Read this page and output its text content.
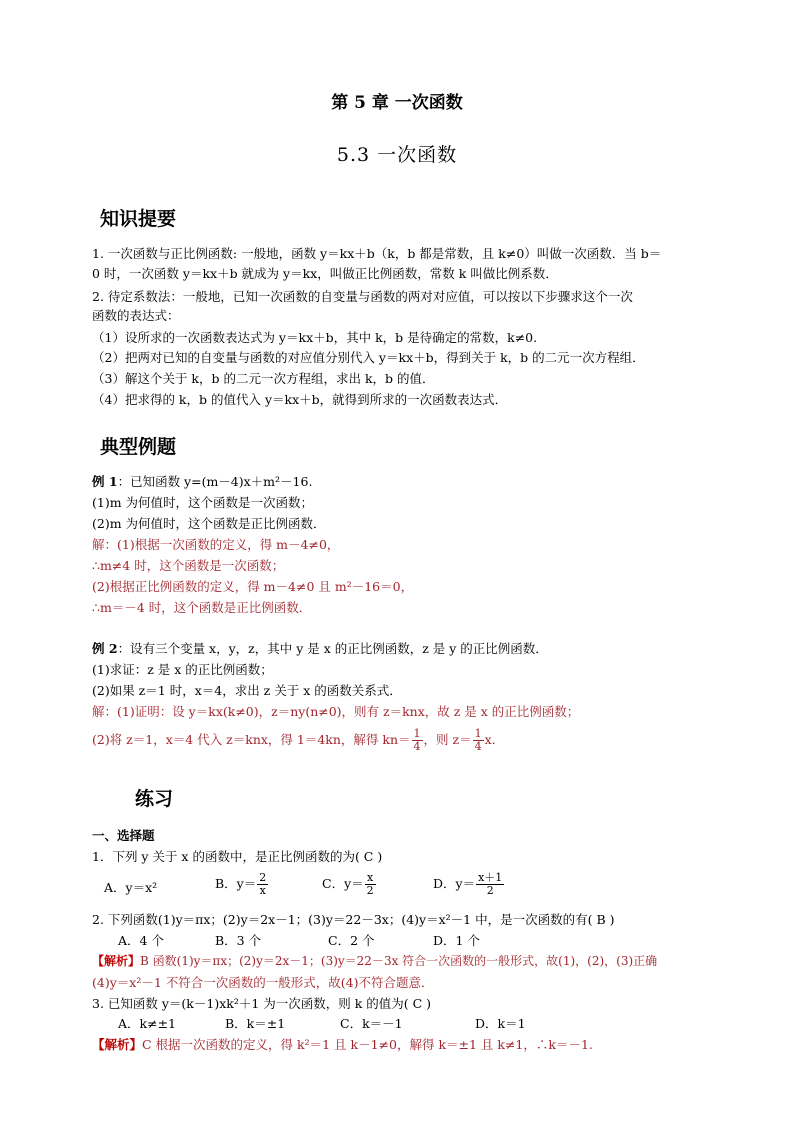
第 5 章 一次函数
5.3 一次函数
知识提要
1. 一次函数与正比例函数: 一般地，函数 y＝kx＋b（k，b 都是常数，且 k≠0）叫做一次函数．当 b＝
0 时，一次函数 y＝kx＋b 就成为 y＝kx，叫做正比例函数，常数 k 叫做比例系数．
2. 待定系数法：一般地，已知一次函数的自变量与函数的两对对应值，可以按以下步骤求这个一次
函数的表达式：
（1）设所求的一次函数表达式为 y＝kx＋b，其中 k，b 是待确定的常数，k≠0.
（2）把两对已知的自变量与函数的对应值分别代入 y＝kx＋b，得到关于 k，b 的二元一次方程组．
（3）解这个关于 k，b 的二元一次方程组，求出 k，b 的值．
（4）把求得的 k，b 的值代入 y＝kx＋b，就得到所求的一次函数表达式．
典型例题
例 1：已知函数 y=(m－4)x＋m²－16.
(1)m 为何值时，这个函数是一次函数；
(2)m 为何值时，这个函数是正比例函数．
解：(1)根据一次函数的定义，得 m－4≠0，
∴m≠4 时，这个函数是一次函数；
(2)根据正比例函数的定义，得 m－4≠0 且 m²－16＝0，
∴m＝－4 时，这个函数是正比例函数．
例 2：设有三个变量 x，y，z，其中 y 是 x 的正比例函数，z 是 y 的正比例函数．
(1)求证：z 是 x 的正比例函数；
(2)如果 z＝1 时，x＝4，求出 z 关于 x 的函数关系式．
解：(1)证明：设 y＝kx(k≠0)，z＝ny(n≠0)，则有 z＝knx，故 z 是 x 的正比例函数；
(2)将 z＝1，x＝4 代入 z＝knx，得 1＝4kn，解得 $kn= \frac{1}{4}$ ，则 $z= \frac{1}{4} x$.
练习
一、选择题
1．下列 y 关于 x 的函数中，是正比例函数的为( C )
A．y＝x²	B．$y= \frac{2}{x}$	C．$y= \frac{x}{2}$	D．$y= \frac{x+1}{2}$
2. 下列函数(1)y＝πx；(2)y＝2x－1；(3)y＝22－3x；(4)y＝x²－1 中，是一次函数的有( B )
A．4 个	B．3 个	C．2 个	D．1 个
【解析】B 函数(1)y＝πx；(2)y＝2x－1；(3)y＝22－3x 符合一次函数的一般形式，故(1)，(2)，(3)正确
(4)y＝x²－1 不符合一次函数的一般形式，故(4)不符合题意．
3. 已知函数 y＝(k－1)xk²＋1 为一次函数，则 k 的值为( C )
A．k≠±1	B．k＝±1	C．k＝－1	D．k＝1
【解析】C 根据一次函数的定义，得 k²＝1 且 k－1≠0，解得 k＝±1 且 k≠1，∴k＝－1.
